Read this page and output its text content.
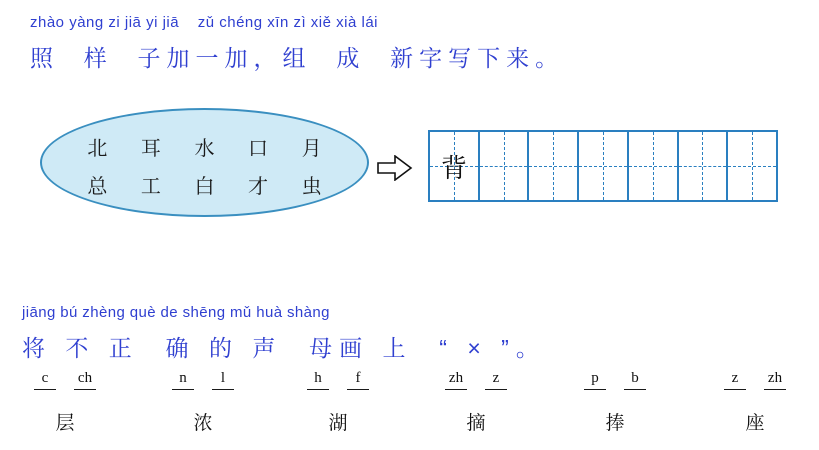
zhào yàng zi jiā yi jiā    zǔ chéng xīn zì xiě xià lái
照  样  子加一加，组  成  新字写下来。
北 耳 水 口 月
总 工 白 才 虫
背
jiāng bú zhèng què de shēng mǔ huà shàng
将 不 正  确 的 声  母画 上  “ × ”。
c	ch
层
n	l
浓
h	f
湖
zh	z
摘
p	b
捧
z	zh
座
